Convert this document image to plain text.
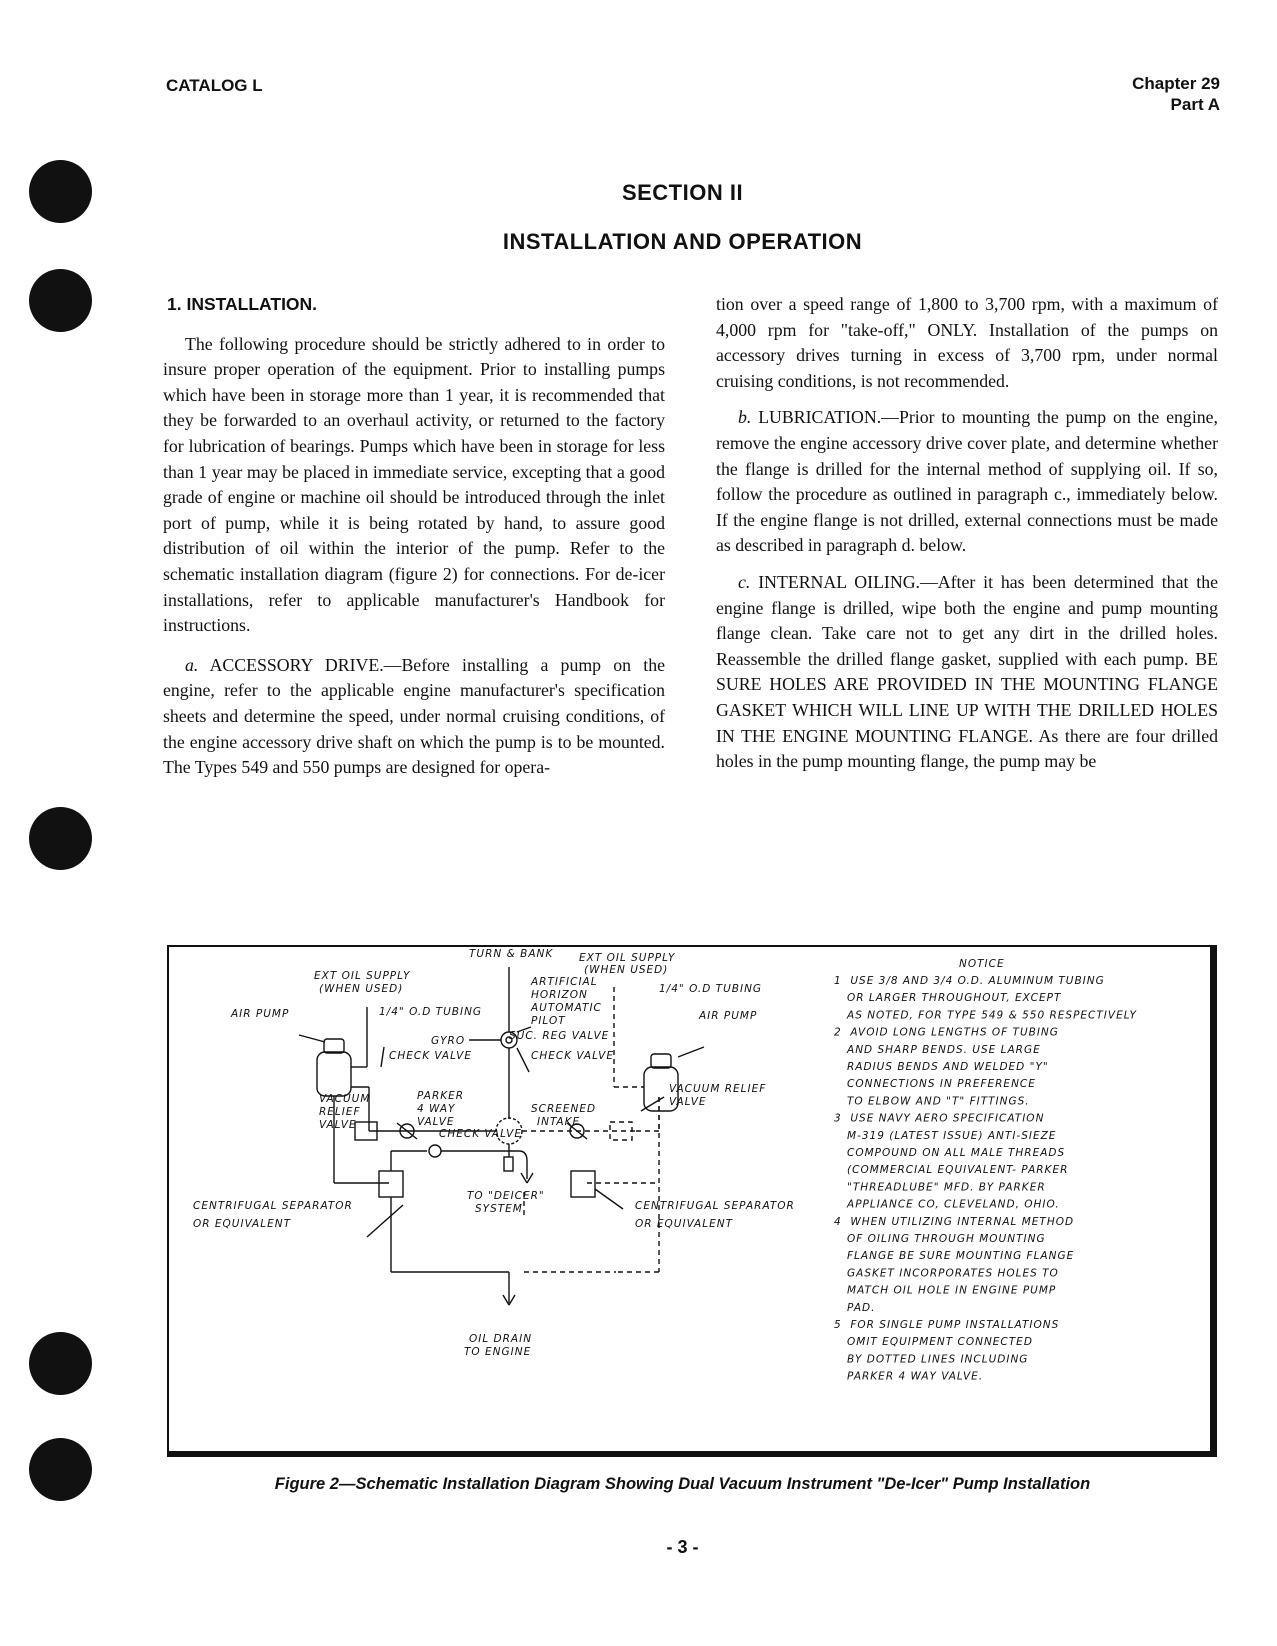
CATALOG L	Chapter 29
Part A
SECTION II
INSTALLATION AND OPERATION

1. INSTALLATION.

The following procedure should be strictly adhered to in order to insure proper operation of the equipment. Prior to installing pumps which have been in storage more than 1 year, it is recommended that they be forwarded to an overhaul activity, or returned to the factory for lubrication of bearings. Pumps which have been in storage for less than 1 year may be placed in immediate service, excepting that a good grade of engine or machine oil should be introduced through the inlet port of pump, while it is being rotated by hand, to assure good distribution of oil within the interior of the pump. Refer to the schematic installation diagram (figure 2) for connections. For de-icer installations, refer to applicable manufacturer's Handbook for instructions.

a. ACCESSORY DRIVE.—Before installing a pump on the engine, refer to the applicable engine manufacturer's specification sheets and determine the speed, under normal cruising conditions, of the engine accessory drive shaft on which the pump is to be mounted. The Types 549 and 550 pumps are designed for opera-

tion over a speed range of 1,800 to 3,700 rpm, with a maximum of 4,000 rpm for "take-off," ONLY. Installation of the pumps on accessory drives turning in excess of 3,700 rpm, under normal cruising conditions, is not recommended.

b. LUBRICATION.—Prior to mounting the pump on the engine, remove the engine accessory drive cover plate, and determine whether the flange is drilled for the internal method of supplying oil. If so, follow the procedure as outlined in paragraph c., immediately below. If the engine flange is not drilled, external connections must be made as described in paragraph d. below.

c. INTERNAL OILING.—After it has been determined that the engine flange is drilled, wipe both the engine and pump mounting flange clean. Take care not to get any dirt in the drilled holes. Reassemble the drilled flange gasket, supplied with each pump. BE SURE HOLES ARE PROVIDED IN THE MOUNTING FLANGE GASKET WHICH WILL LINE UP WITH THE DRILLED HOLES IN THE ENGINE MOUNTING FLANGE. As there are four drilled holes in the pump mounting flange, the pump may be

TURN & BANK
EXT OIL SUPPLY
(WHEN USED)
EXT OIL SUPPLY
(WHEN USED)
ARTIFICIAL
HORIZON
AUTOMATIC
PILOT
GYRO
1/4" O.D TUBING
1/4" O.D TUBING
AIR PUMP	AIR PUMP
SUC. REG VALVE
CHECK VALVE	CHECK VALVE
CHECK VALVE
VACUUM
RELIEF
VALVE
VACUUM RELIEF
VALVE
PARKER
4 WAY
VALVE
SCREENED
INTAKE
TO "DEICER"
SYSTEM
CENTRIFUGAL SEPARATOR
OR EQUIVALENT
CENTRIFUGAL SEPARATOR
OR EQUIVALENT
OIL DRAIN
TO ENGINE
NOTICE
1  USE 3/8 AND 3/4 O.D. ALUMINUM TUBING
OR LARGER THROUGHOUT, EXCEPT
AS NOTED, FOR TYPE 549 & 550 RESPECTIVELY
2  AVOID LONG LENGTHS OF TUBING
AND SHARP BENDS. USE LARGE
RADIUS BENDS AND WELDED "Y"
CONNECTIONS IN PREFERENCE
TO ELBOW AND "T" FITTINGS.
3  USE NAVY AERO SPECIFICATION
M-319 (LATEST ISSUE) ANTI-SIEZE
COMPOUND ON ALL MALE THREADS
(COMMERCIAL EQUIVALENT- PARKER
"THREADLUBE" MFD. BY PARKER
APPLIANCE CO, CLEVELAND, OHIO.
4  WHEN UTILIZING INTERNAL METHOD
OF OILING THROUGH MOUNTING
FLANGE BE SURE MOUNTING FLANGE
GASKET INCORPORATES HOLES TO
MATCH OIL HOLE IN ENGINE PUMP
PAD.
5  FOR SINGLE PUMP INSTALLATIONS
OMIT EQUIPMENT CONNECTED
BY DOTTED LINES INCLUDING
PARKER 4 WAY VALVE.
Figure 2—Schematic Installation Diagram Showing Dual Vacuum Instrument "De-Icer" Pump Installation
- 3 -
